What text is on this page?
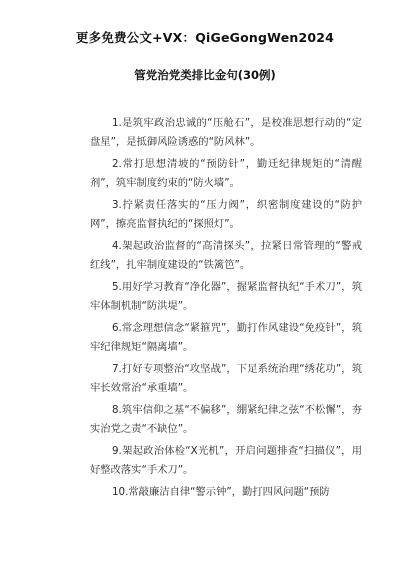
更多免费公文+VX：QiGeGongWen2024
管党治党类排比金句(30例)

1.是筑牢政治忠诚的“压舱石”，是校准思想行动的“定盘星”，是抵御风险诱惑的“防风林”。

2.常打思想清坡的“预防针”，勤迁纪律规矩的“清醒剂”，筑牢制度约束的“防火墙”。

3.拧紧责任落实的“压力阀”，织密制度建设的“防护网”，擦亮监督执纪的“探照灯”。

4.架起政治监督的“高清探头”，拉紧日常管理的“警戒红线”，扎牢制度建设的“铁篱笆”。

5.用好学习教育“净化器”，握紧监督执纪“手术刀”，筑牢体制机制“防洪堤”。

6.常念理想信念“紧箍咒”，勤打作风建设“免疫针”，筑牢纪律规矩“隔离墙”。

7.打好专项整治“攻坚战”，下足系统治理“绣花功”，筑牢长效常治“承重墙”。

8.筑牢信仰之基“不偏移”，绷紧纪律之弦“不松懈”，夯实治党之责“不缺位”。

9.架起政治体检“X光机”，开启问题排查“扫描仪”，用好整改落实“手术刀”。

10.常敲廉洁自律“警示钟”，勤打四风问题“预防
